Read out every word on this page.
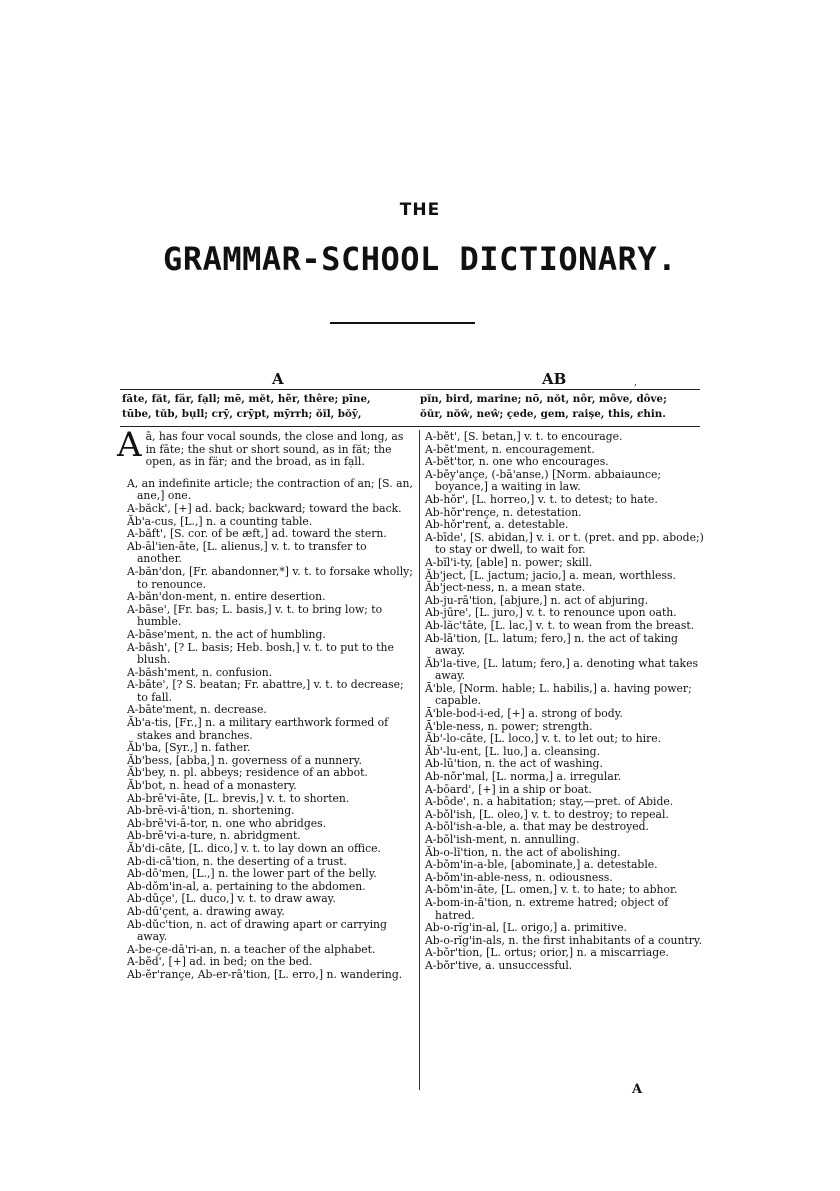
THE
GRAMMAR-SCHOOL DICTIONARY.
A	AB	,
fāte, făt, fär, fạll; mē, mĕt, hẽr, thêre; pīne,
tūbe, tŭb, bụll; crȳ, crȳpt, mȳrrh; ŏĭl, bŏȳ,
pĭn, bird, marine; nō, nŏt, nôr, môve, dôve;
ŏŭr, nŏŵ, neŵ; çede, gem, raiṣe, this, ȼhin.

Aā, has four vocal sounds, the close and long, as in fāte; the shut or short sound, as in făt; the open, as in fär; and the broad, as in fạll.

A, an indefinite article; the contraction of an; [S. an, ane,] one.

A-băck', [+] ad. back; backward; toward the back.

Ăb'a-cus, [L.,] n. a counting table.

A-băft', [S. cor. of be æft,] ad. toward the stern.

Ab-āl'ien-āte, [L. alienus,] v. t. to transfer to another.

A-băn'don, [Fr. abandonner,*] v. t. to forsake wholly; to renounce.

A-băn'don-ment, n. entire desertion.

A-bāse', [Fr. bas; L. basis,] v. t. to bring low; to humble.

A-bāse'ment, n. the act of humbling.

A-băsh', [? L. basis; Heb. bosh,] v. t. to put to the blush.

A-băsh'ment, n. confusion.

A-bāte', [? S. beatan; Fr. abattre,] v. t. to decrease; to fall.

A-bāte'ment, n. decrease.

Ăb'a-tis, [Fr.,] n. a military earthwork formed of stakes and branches.

Ăb'ba, [Syr.,] n. father.

Ăb'bess, [abba,] n. governess of a nunnery.

Ăb'bey, n. pl. abbeys; residence of an abbot.

Ăb'bot, n. head of a monastery.

Ab-brē'vi-āte, [L. brevis,] v. t. to shorten.

Ab-brē-vi-ā'tion, n. shortening.

Ab-brē'vi-ā-tor, n. one who abridges.

Ab-brē'vi-a-ture, n. abridgment.

Ăb'di-cāte, [L. dico,] v. t. to lay down an office.

Ab-di-cā'tion, n. the deserting of a trust.

Ab-dō'men, [L.,] n. the lower part of the belly.

Ab-dŏm'in-al, a. pertaining to the abdomen.

Ab-dūçe', [L. duco,] v. t. to draw away.

Ab-dū'çent, a. drawing away.

Ab-dŭc'tion, n. act of drawing apart or carrying away.

A-be-çe-dā'ri-an, n. a teacher of the alphabet.

A-bĕd', [+] ad. in bed; on the bed.

Ab-ĕr'rançe, Ab-er-rā'tion, [L. erro,] n. wandering.

A-bĕt', [S. betan,] v. t. to encourage.

A-bĕt'ment, n. encouragement.

A-bĕt'tor, n. one who encourages.

A-bĕy'ançe, (-bā'anse,) [Norm. abbaiaunce; boyance,] a waiting in law.

Ab-hŏr', [L. horreo,] v. t. to detest; to hate.

Ab-hŏr'rençe, n. detestation.

Ab-hŏr'rent, a. detestable.

A-bīde', [S. abidan,] v. i. or t. (pret. and pp. abode;) to stay or dwell, to wait for.

A-bĭl'i-ty, [able] n. power; skill.

Ăb'ject, [L. jactum; jacio,] a. mean, worthless.

Ăb'ject-ness, n. a mean state.

Ab-ju-rā'tion, [abjure,] n. act of abjuring.

Ab-jūre', [L. juro,] v. t. to renounce upon oath.

Ab-lăc'tāte, [L. lac,] v. t. to wean from the breast.

Ab-lā'tion, [L. latum; fero,] n. the act of taking away.

Ăb'la-tive, [L. latum; fero,] a. denoting what takes away.

Ā'ble, [Norm. hable; L. habilis,] a. having power; capable.

Ā'ble-bod-i-ed, [+] a. strong of body.

Ā'ble-ness, n. power; strength.

Ăb'-lo-cāte, [L. loco,] v. t. to let out; to hire.

Ăb'-lu-ent, [L. luo,] a. cleansing.

Ab-lū'tion, n. the act of washing.

Ab-nŏr'mal, [L. norma,] a. irregular.

A-bōard', [+] in a ship or boat.

A-bōde', n. a habitation; stay,—pret. of Abide.

A-bŏl'ish, [L. oleo,] v. t. to destroy; to repeal.

A-bŏl'ish-a-ble, a. that may be destroyed.

A-bŏl'ish-ment, n. annulling.

Ăb-o-lĭ'tion, n. the act of abolishing.

A-bŏm'in-a-ble, [abominate,] a. detestable.

A-bŏm'in-able-ness, n. odiousness.

A-bŏm'in-āte, [L. omen,] v. t. to hate; to abhor.

A-bom-in-ā'tion, n. extreme hatred; object of hatred.

Ab-o-rĭg'in-al, [L. origo,] a. primitive.

Ab-o-rĭg'in-als, n. the first inhabitants of a country.

A-bŏr'tion, [L. ortus; orior,] n. a miscarriage.

A-bŏr'tive, a. unsuccessful.

A
